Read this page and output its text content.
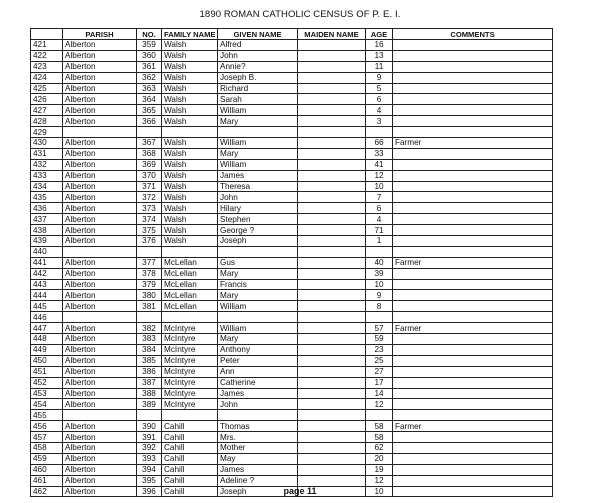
1890 ROMAN CATHOLIC CENSUS OF P. E. I.
	PARISH	NO.	FAMILY NAME	GIVEN NAME	MAIDEN NAME	AGE	COMMENTS
421	Alberton	359	Walsh	Alfred		16	
422	Alberton	360	Walsh	John		13	
423	Alberton	361	Walsh	Annie?		11	
424	Alberton	362	Walsh	Joseph B.		9	
425	Alberton	363	Walsh	Richard		5	
426	Alberton	364	Walsh	Sarah		6	
427	Alberton	365	Walsh	William		4	
428	Alberton	366	Walsh	Mary		3	
429							
430	Alberton	367	Walsh	William		66	Farmer
431	Alberton	368	Walsh	Mary		33	
432	Alberton	369	Walsh	William		41	
433	Alberton	370	Walsh	James		12	
434	Alberton	371	Walsh	Theresa		10	
435	Alberton	372	Walsh	John		7	
436	Alberton	373	Walsh	Hilary		6	
437	Alberton	374	Walsh	Stephen		4	
438	Alberton	375	Walsh	George ?		71	
439	Alberton	376	Walsh	Joseph		1	
440							
441	Alberton	377	McLellan	Gus		40	Farmer
442	Alberton	378	McLellan	Mary		39	
443	Alberton	379	McLellan	Francis		10	
444	Alberton	380	McLellan	Mary		9	
445	Alberton	381	McLellan	William		8	
446							
447	Alberton	382	McIntyre	William		57	Farmer
448	Alberton	383	McIntyre	Mary		59	
449	Alberton	384	McIntyre	Anthony		23	
450	Alberton	385	McIntyre	Peter		25	
451	Alberton	386	McIntyre	Ann		27	
452	Alberton	387	McIntyre	Catherine		17	
453	Alberton	388	McIntyre	James		14	
454	Alberton	389	McIntyre	John		12	
455							
456	Alberton	390	Cahill	Thomas		58	Farmer
457	Alberton	391	Cahill	Mrs.		58	
458	Alberton	392	Cahill	Mother		62	
459	Alberton	393	Cahill	May		20	
460	Alberton	394	Cahill	James		19	
461	Alberton	395	Cahill	Adeline ?		12	
462	Alberton	396	Cahill	Joseph		10	
page 11
